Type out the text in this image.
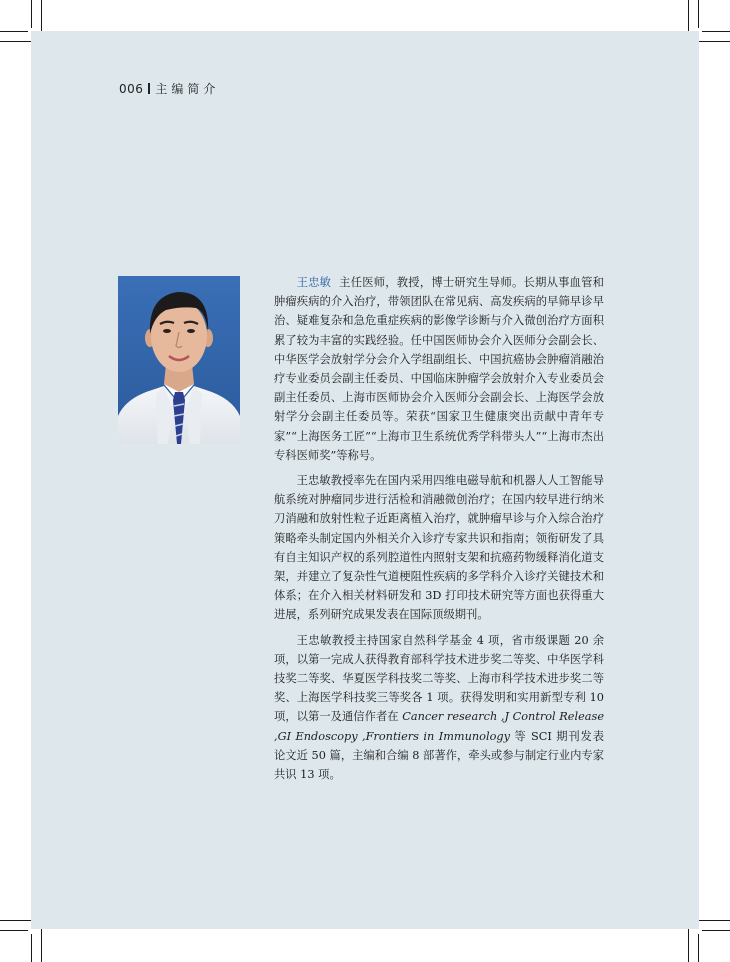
006 主编简介

王忠敏 主任医师，教授，博士研究生导师。长期从事血管和肿瘤疾病的介入治疗，带领团队在常见病、高发疾病的早筛早诊早治、疑难复杂和急危重症疾病的影像学诊断与介入微创治疗方面积累了较为丰富的实践经验。任中国医师协会介入医师分会副会长、中华医学会放射学分会介入学组副组长、中国抗癌协会肿瘤消融治疗专业委员会副主任委员、中国临床肿瘤学会放射介入专业委员会副主任委员、上海市医师协会介入医师分会副会长、上海医学会放射学分会副主任委员等。荣获“国家卫生健康突出贡献中青年专家”“上海医务工匠”“上海市卫生系统优秀学科带头人”“上海市杰出专科医师奖”等称号。

王忠敏教授率先在国内采用四维电磁导航和机器人人工智能导航系统对肿瘤同步进行活检和消融微创治疗；在国内较早进行纳米刀消融和放射性粒子近距离植入治疗，就肿瘤早诊与介入综合治疗策略牵头制定国内外相关介入诊疗专家共识和指南；领衔研发了具有自主知识产权的系列腔道性内照射支架和抗癌药物缓释消化道支架，并建立了复杂性气道梗阻性疾病的多学科介入诊疗关键技术和体系；在介入相关材料研发和 3D 打印技术研究等方面也获得重大进展，系列研究成果发表在国际顶级期刊。

王忠敏教授主持国家自然科学基金 4 项，省市级课题 20 余项，以第一完成人获得教育部科学技术进步奖二等奖、中华医学科技奖二等奖、华夏医学科技奖二等奖、上海市科学技术进步奖二等奖、上海医学科技奖三等奖各 1 项。获得发明和实用新型专利 10 项，以第一及通信作者在 Cancer research ,J Control Release ,GI Endoscopy ,Frontiers in Immunology 等 SCI 期刊发表论文近 50 篇，主编和合编 8 部著作，牵头或参与制定行业内专家共识 13 项。
